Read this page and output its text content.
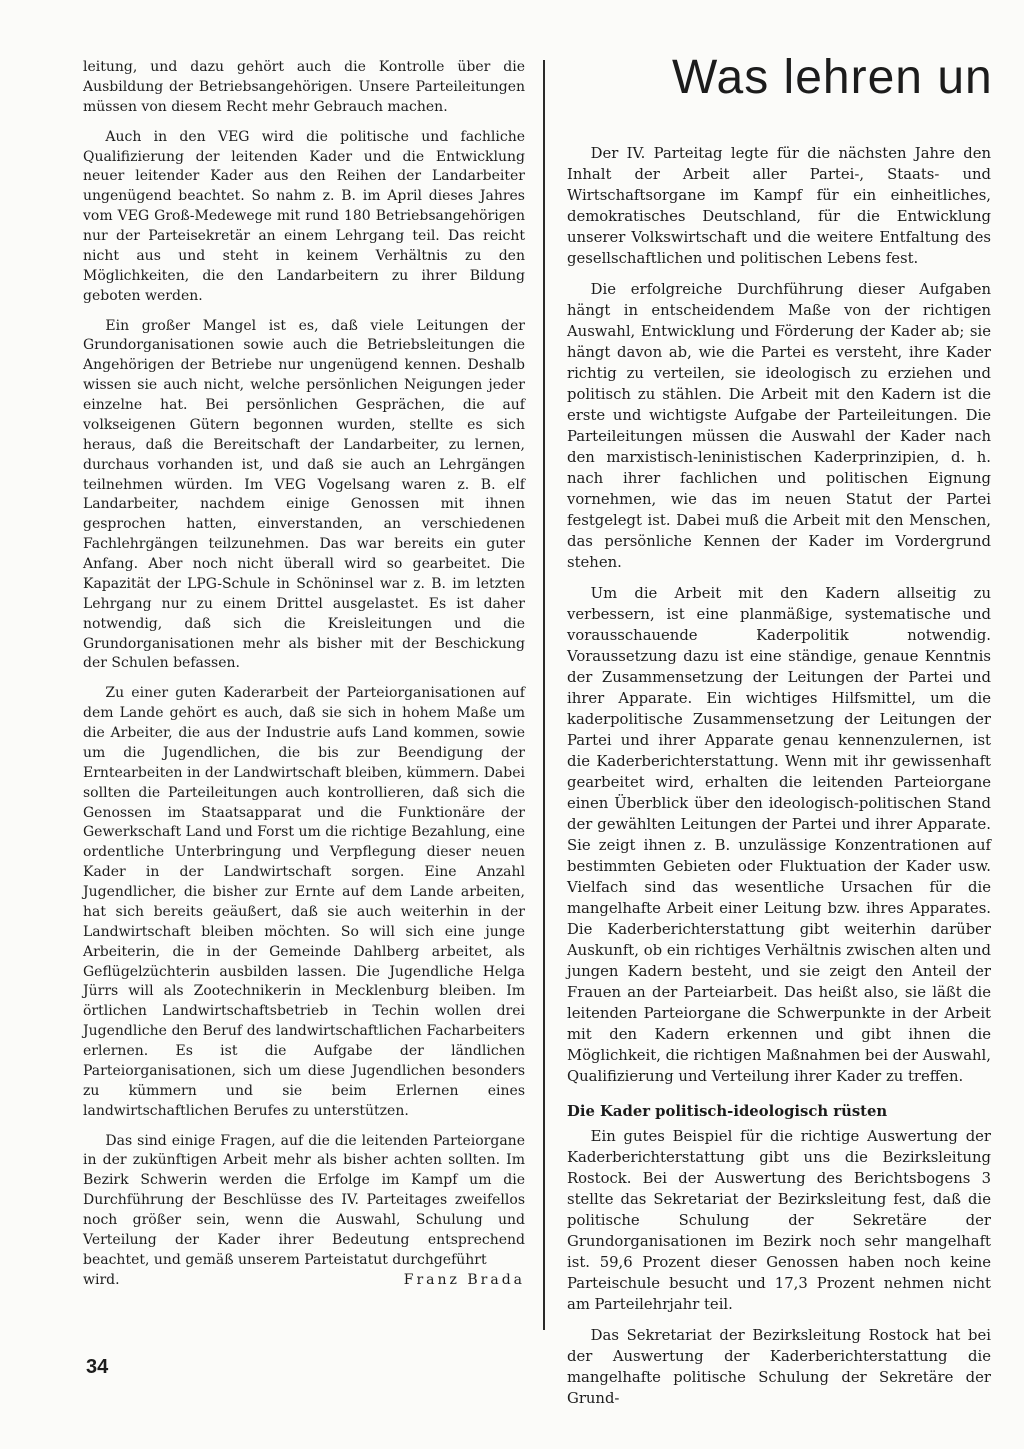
Was lehren un

leitung, und dazu gehört auch die Kontrolle über die Ausbildung der Betriebsangehörigen. Unsere Parteileitungen müssen von diesem Recht mehr Gebrauch machen.

Auch in den VEG wird die politische und fachliche Qualifizierung der leitenden Kader und die Entwicklung neuer leitender Kader aus den Reihen der Landarbeiter ungenügend beachtet. So nahm z. B. im April dieses Jahres vom VEG Groß-Medewege mit rund 180 Betriebsangehörigen nur der Parteisekretär an einem Lehrgang teil. Das reicht nicht aus und steht in keinem Verhältnis zu den Möglichkeiten, die den Landarbeitern zu ihrer Bildung geboten werden.

Ein großer Mangel ist es, daß viele Leitungen der Grundorganisationen sowie auch die Betriebsleitungen die Angehörigen der Betriebe nur ungenügend kennen. Deshalb wissen sie auch nicht, welche persönlichen Neigungen jeder einzelne hat. Bei persönlichen Gesprächen, die auf volkseigenen Gütern begonnen wurden, stellte es sich heraus, daß die Bereitschaft der Landarbeiter, zu lernen, durchaus vorhanden ist, und daß sie auch an Lehrgängen teilnehmen würden. Im VEG Vogelsang waren z. B. elf Landarbeiter, nachdem einige Genossen mit ihnen gesprochen hatten, einverstanden, an verschiedenen Fachlehrgängen teilzunehmen. Das war bereits ein guter Anfang. Aber noch nicht überall wird so gearbeitet. Die Kapazität der LPG-Schule in Schöninsel war z. B. im letzten Lehrgang nur zu einem Drittel ausgelastet. Es ist daher notwendig, daß sich die Kreisleitungen und die Grundorganisationen mehr als bisher mit der Beschickung der Schulen befassen.

Zu einer guten Kaderarbeit der Parteiorganisationen auf dem Lande gehört es auch, daß sie sich in hohem Maße um die Arbeiter, die aus der Industrie aufs Land kommen, sowie um die Jugendlichen, die bis zur Beendigung der Erntearbeiten in der Landwirtschaft bleiben, kümmern. Dabei sollten die Parteileitungen auch kontrollieren, daß sich die Genossen im Staatsapparat und die Funktionäre der Gewerkschaft Land und Forst um die richtige Bezahlung, eine ordentliche Unterbringung und Verpflegung dieser neuen Kader in der Landwirtschaft sorgen. Eine Anzahl Jugendlicher, die bisher zur Ernte auf dem Lande arbeiten, hat sich bereits geäußert, daß sie auch weiterhin in der Landwirtschaft bleiben möchten. So will sich eine junge Arbeiterin, die in der Gemeinde Dahlberg arbeitet, als Geflügelzüchterin ausbilden lassen. Die Jugendliche Helga Jürrs will als Zootechnikerin in Mecklenburg bleiben. Im örtlichen Landwirtschaftsbetrieb in Techin wollen drei Jugendliche den Beruf des landwirtschaftlichen Facharbeiters erlernen. Es ist die Aufgabe der ländlichen Parteiorganisationen, sich um diese Jugendlichen besonders zu kümmern und sie beim Erlernen eines landwirtschaftlichen Berufes zu unterstützen.

Das sind einige Fragen, auf die die leitenden Parteiorgane in der zukünftigen Arbeit mehr als bisher achten sollten. Im Bezirk Schwerin werden die Erfolge im Kampf um die Durchführung der Beschlüsse des IV. Parteitages zweifellos noch größer sein, wenn die Auswahl, Schulung und Verteilung der Kader ihrer Bedeutung entsprechend beachtet, und gemäß unserem Parteistatut durchgeführt

wird.	Franz Brada

Der IV. Parteitag legte für die nächsten Jahre den Inhalt der Arbeit aller Partei-, Staats- und Wirtschaftsorgane im Kampf für ein einheitliches, demokratisches Deutschland, für die Entwicklung unserer Volkswirtschaft und die weitere Entfaltung des gesellschaftlichen und politischen Lebens fest.

Die erfolgreiche Durchführung dieser Aufgaben hängt in entscheidendem Maße von der richtigen Auswahl, Entwicklung und Förderung der Kader ab; sie hängt davon ab, wie die Partei es versteht, ihre Kader richtig zu verteilen, sie ideologisch zu erziehen und politisch zu stählen. Die Arbeit mit den Kadern ist die erste und wichtigste Aufgabe der Parteileitungen. Die Parteileitungen müssen die Auswahl der Kader nach den marxistisch-leninistischen Kaderprinzipien, d. h. nach ihrer fachlichen und politischen Eignung vornehmen, wie das im neuen Statut der Partei festgelegt ist. Dabei muß die Arbeit mit den Menschen, das persönliche Kennen der Kader im Vordergrund stehen.

Um die Arbeit mit den Kadern allseitig zu verbessern, ist eine planmäßige, systematische und vorausschauende Kaderpolitik notwendig. Voraussetzung dazu ist eine ständige, genaue Kenntnis der Zusammensetzung der Leitungen der Partei und ihrer Apparate. Ein wichtiges Hilfsmittel, um die kaderpolitische Zusammensetzung der Leitungen der Partei und ihrer Apparate genau kennenzulernen, ist die Kaderberichterstattung. Wenn mit ihr gewissenhaft gearbeitet wird, erhalten die leitenden Parteiorgane einen Überblick über den ideologisch-politischen Stand der gewählten Leitungen der Partei und ihrer Apparate. Sie zeigt ihnen z. B. unzulässige Konzentrationen auf bestimmten Gebieten oder Fluktuation der Kader usw. Vielfach sind das wesentliche Ursachen für die mangelhafte Arbeit einer Leitung bzw. ihres Apparates. Die Kaderberichterstattung gibt weiterhin darüber Auskunft, ob ein richtiges Verhältnis zwischen alten und jungen Kadern besteht, und sie zeigt den Anteil der Frauen an der Parteiarbeit. Das heißt also, sie läßt die leitenden Parteiorgane die Schwerpunkte in der Arbeit mit den Kadern erkennen und gibt ihnen die Möglichkeit, die richtigen Maßnahmen bei der Auswahl, Qualifizierung und Verteilung ihrer Kader zu treffen.

Die Kader politisch-ideologisch rüsten

Ein gutes Beispiel für die richtige Auswertung der Kaderberichterstattung gibt uns die Bezirksleitung Rostock. Bei der Auswertung des Berichtsbogens 3 stellte das Sekretariat der Bezirksleitung fest, daß die politische Schulung der Sekretäre der Grundorganisationen im Bezirk noch sehr mangelhaft ist. 59,6 Prozent dieser Genossen haben noch keine Parteischule besucht und 17,3 Prozent nehmen nicht am Parteilehrjahr teil.

Das Sekretariat der Bezirksleitung Rostock hat bei der Auswertung der Kaderberichterstattung die mangelhafte politische Schulung der Sekretäre der Grund-

34
